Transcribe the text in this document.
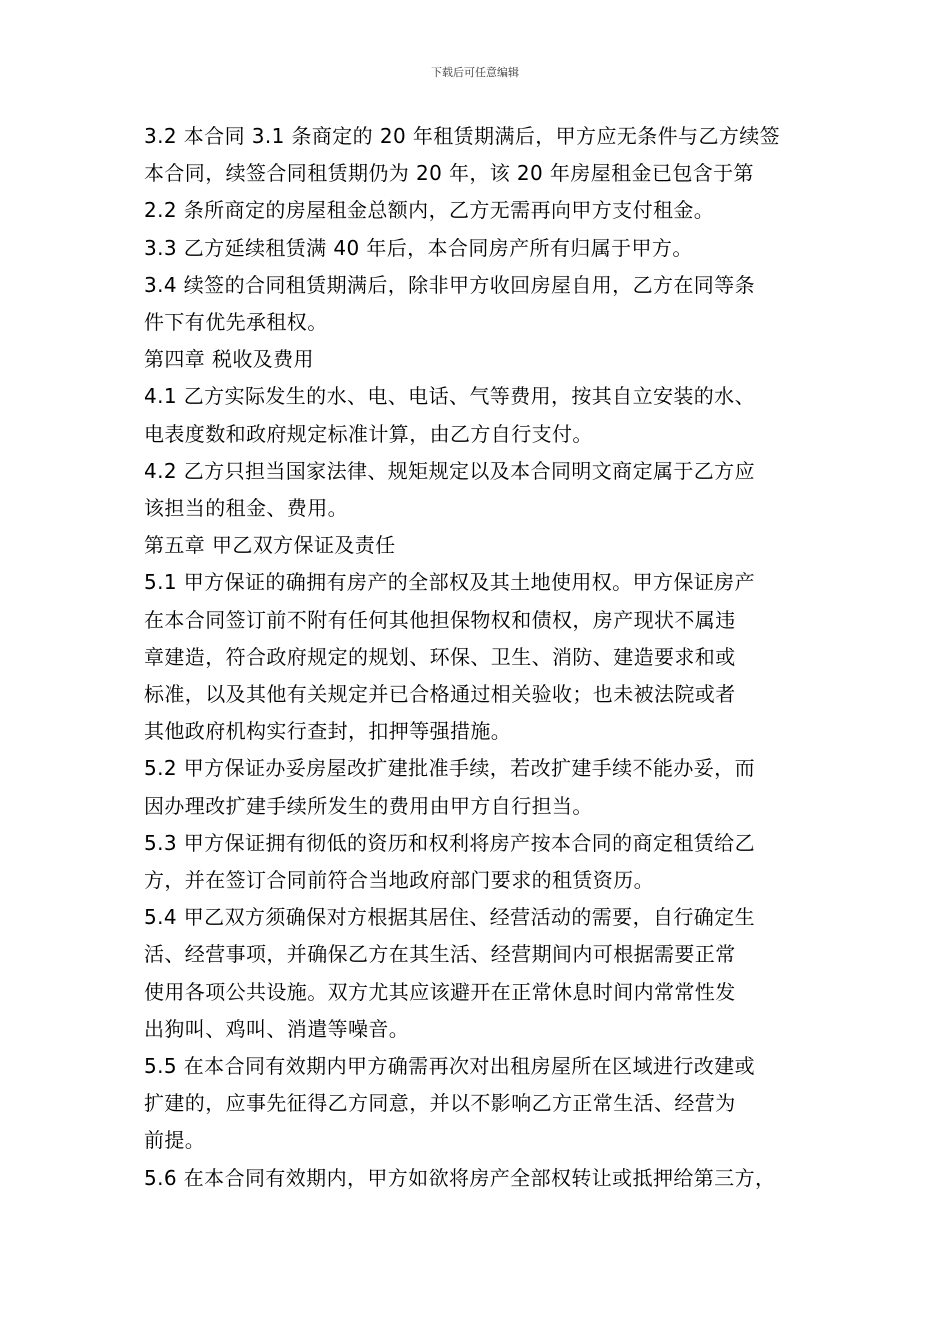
下载后可任意编辑

3.2 本合同 3.1 条商定的 20 年租赁期满后，甲方应无条件与乙方续签

本合同，续签合同租赁期仍为 20 年，该 20 年房屋租金已包含于第

2.2 条所商定的房屋租金总额内，乙方无需再向甲方支付租金。

3.3 乙方延续租赁满 40 年后，本合同房产所有归属于甲方。

3.4 续签的合同租赁期满后，除非甲方收回房屋自用，乙方在同等条

件下有优先承租权。

第四章 税收及费用

4.1 乙方实际发生的水、电、电话、气等费用，按其自立安装的水、

电表度数和政府规定标准计算，由乙方自行支付。

4.2 乙方只担当国家法律、规矩规定以及本合同明文商定属于乙方应

该担当的租金、费用。

第五章 甲乙双方保证及责任

5.1 甲方保证的确拥有房产的全部权及其土地使用权。甲方保证房产

在本合同签订前不附有任何其他担保物权和债权，房产现状不属违

章建造，符合政府规定的规划、环保、卫生、消防、建造要求和或

标准，以及其他有关规定并已合格通过相关验收；也未被法院或者

其他政府机构实行查封，扣押等强措施。

5.2 甲方保证办妥房屋改扩建批准手续，若改扩建手续不能办妥，而

因办理改扩建手续所发生的费用由甲方自行担当。

5.3 甲方保证拥有彻低的资历和权利将房产按本合同的商定租赁给乙

方，并在签订合同前符合当地政府部门要求的租赁资历。

5.4 甲乙双方须确保对方根据其居住、经营活动的需要，自行确定生

活、经营事项，并确保乙方在其生活、经营期间内可根据需要正常

使用各项公共设施。双方尤其应该避开在正常休息时间内常常性发

出狗叫、鸡叫、消遣等噪音。

5.5 在本合同有效期内甲方确需再次对出租房屋所在区域进行改建或

扩建的，应事先征得乙方同意，并以不影响乙方正常生活、经营为

前提。

5.6 在本合同有效期内，甲方如欲将房产全部权转让或抵押给第三方，
